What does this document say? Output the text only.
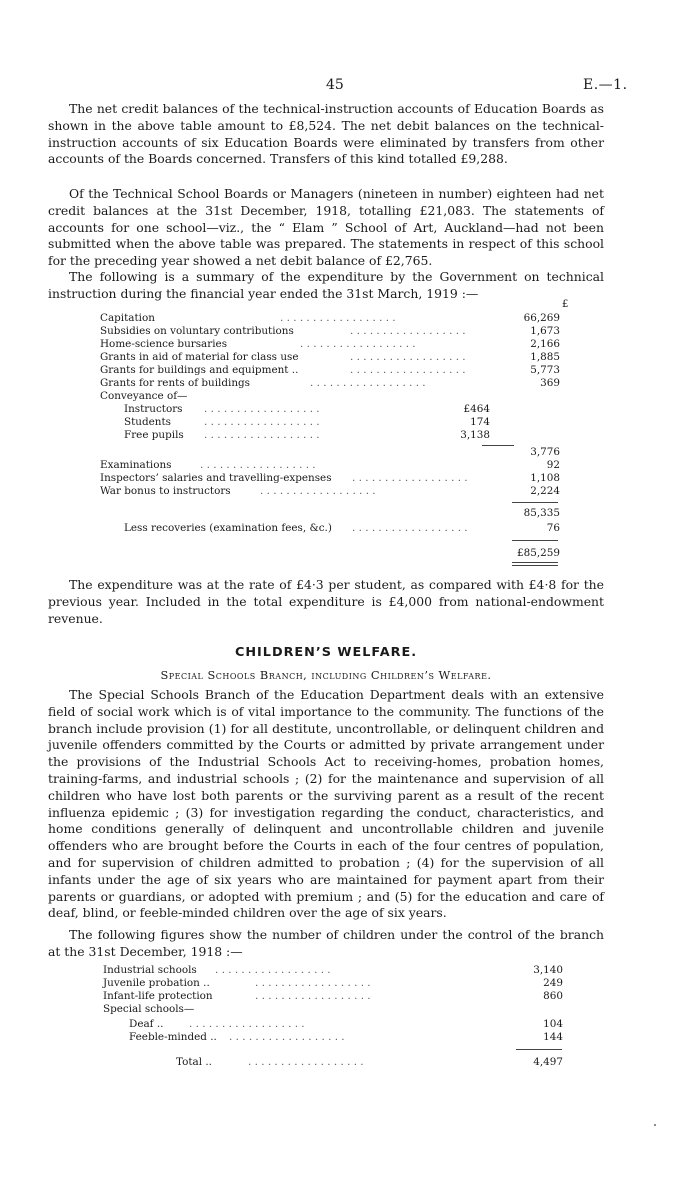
45	E.—1.

The net credit balances of the technical-instruction accounts of Education Boards as shown in the above table amount to £8,524. The net debit balances on the technical-instruction accounts of six Education Boards were eliminated by transfers from other accounts of the Boards concerned. Transfers of this kind totalled £9,288.

Of the Technical School Boards or Managers (nineteen in number) eighteen had net credit balances at the 31st December, 1918, totalling £21,083. The statements of accounts for one school—viz., the “ Elam ” School of Art, Auckland—had not been submitted when the above table was prepared. The statements in respect of this school for the preceding year showed a net debit balance of £2,765.

The following is a summary of the expenditure by the Government on technical instruction during the financial year ended the 31st March, 1919 :—

£
Capitation	. . . . . . . . . . . . . . . . . .	66,269
Subsidies on voluntary contributions	. . . . . . . . . . . . . . . . . .	1,673
Home-science bursaries	. . . . . . . . . . . . . . . . . .	2,166
Grants in aid of material for class use	. . . . . . . . . . . . . . . . . .	1,885
Grants for buildings and equipment ..	. . . . . . . . . . . . . . . . . .	5,773
Grants for rents of buildings	. . . . . . . . . . . . . . . . . .	369
Conveyance of—
Instructors . . . . . . . . . . . . . . . . . .	£464
Students	. . . . . . . . . . . . . . . . . .	174
Free pupils . . . . . . . . . . . . . . . . . .	3,138
3,776
Examinations	. . . . . . . . . . . . . . . . . .	92
Inspectors’ salaries and travelling-expenses . . . . . . . . . . . . . . . . . .	1,108
War bonus to instructors	. . . . . . . . . . . . . . . . . .	2,224
85,335
Less recoveries (examination fees, &c.) . . . . . . . . . . . . . . . . . .	76
£85,259

The expenditure was at the rate of £4·3 per student, as compared with £4·8 for the previous year. Included in the total expenditure is £4,000 from national-endowment revenue.

CHILDREN’S WELFARE.
Special Schools Branch, including Children’s Welfare.

The Special Schools Branch of the Education Department deals with an extensive field of social work which is of vital importance to the community. The functions of the branch include provision (1) for all destitute, uncontrollable, or delinquent children and juvenile offenders committed by the Courts or admitted by private arrangement under the provisions of the Industrial Schools Act to receiving-homes, probation homes, training-farms, and industrial schools ; (2) for the maintenance and supervision of all children who have lost both parents or the surviving parent as a result of the recent influenza epidemic ; (3) for investigation regarding the conduct, characteristics, and home conditions generally of delinquent and uncontrollable children and juvenile offenders who are brought before the Courts in each of the four centres of population, and for supervision of children admitted to probation ; (4) for the supervision of all infants under the age of six years who are maintained for payment apart from their parents or guardians, or adopted with premium ; and (5) for the education and care of deaf, blind, or feeble-minded children over the age of six years.

The following figures show the number of children under the control of the branch at the 31st December, 1918 :—

Industrial schools . . . . . . . . . . . . . . . . . .	3,140
Juvenile probation ..	. . . . . . . . . . . . . . . . . .	249
Infant-life protection	. . . . . . . . . . . . . . . . . .	860
Special schools—
Deaf .. . . . . . . . . . . . . . . . . . .	104
Feeble-minded .. . . . . . . . . . . . . . . . . . .	144
Total ..	. . . . . . . . . . . . . . . . . .	4,497
